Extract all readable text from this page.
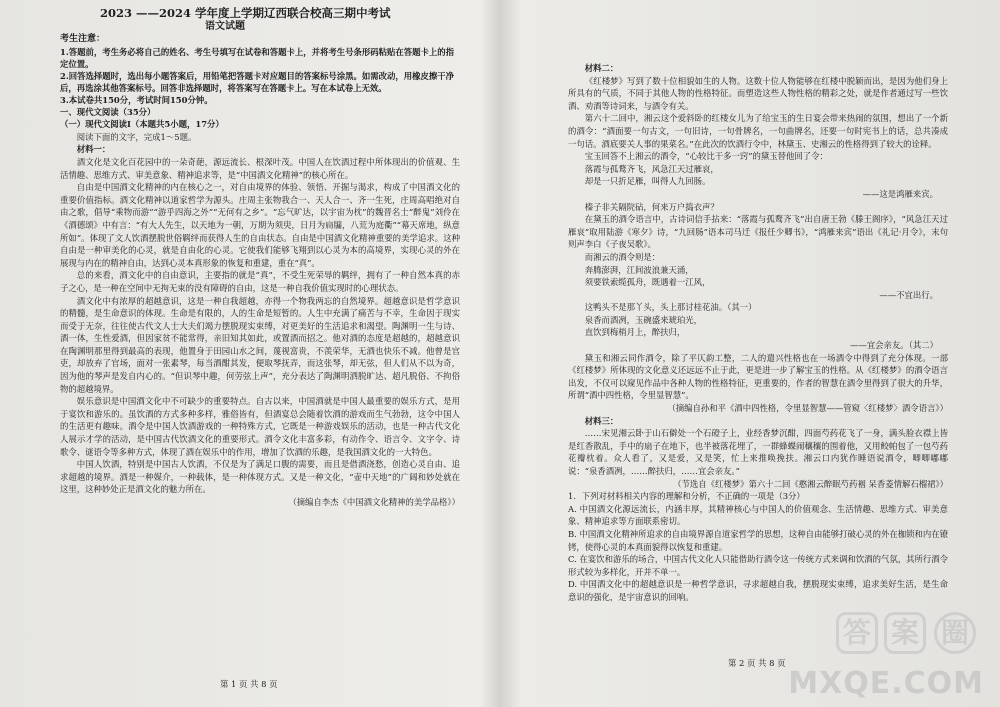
2023 ——2024 学年度上学期辽西联合校高三期中考试
语文试题
考生注意：
1.答题前，考生务必将自己的姓名、考生号填写在试卷和答题卡上，并将考生号条形码粘贴在答题卡上的指定位置。
2.回答选择题时，选出每小题答案后，用铅笔把答题卡对应题目的答案标号涂黑。如需改动，用橡皮擦干净后，再选涂其他答案标号。回答非选择题时，将答案写在答题卡上。写在本试卷上无效。
3.本试卷共150分，考试时间150分钟。
一、现代文阅读（35分）
（一）现代文阅读Ⅰ（本题共5小题，17分）
阅读下面的文字，完成1～5题。
材料一：
酒文化是文化百花园中的一朵奇葩，源远流长、根深叶茂。中国人在饮酒过程中所体现出的价值观、生活情趣、思维方式、审美意象、精神追求等，是“中国酒文化精神”的核心所在。
自由是中国酒文化精神的内在核心之一，对自由境界的体验、领悟、开掘与渴求，构成了中国酒文化的重要价值指标。酒文化精神以道家哲学为源头。庄周主张物我合一、天人合一、齐一生死，庄周高唱绝对自由之歌，倡导“乘物而游”“游乎四海之外”“无何有之乡”。“忘气旷达，以宇宙为枕”的魏晋名士“醉鬼”刘伶在《酒德颂》中有言：“有大人先生，以天地为一朝，万期为须臾，日月为扃牖，八荒为庭衢”“幕天席地，纵意所如”。体现了文人饮酒摆脱世俗羁绊而获得人生的自由状态。自由是中国酒文化精神重要的美学追求。这种自由是一种审美化的心灵，就是自由化的心灵。它使我们能够飞翔到以心灵为本的高境界，实现心灵的外在展现与内在的精神自由，达到心灵本真形象的恢复和重建，重在“真”。
总的来看，酒文化中的自由意识，主要指的就是“真”，不受生死荣辱的羁绊，拥有了一种自然本真的赤子之心，是一种在空间中无拘无束的没有障碍的自由，这是一种自我价值实现时的心理状态。
酒文化中有浓厚的超越意识，这是一种自我超越，亦得一个物我两忘的自然境界。超越意识是哲学意识的精髓，是生命意识的体现。生命是有限的，人的生命是短暂的。人生中充满了痛苦与不幸，生命因于现实而受于无奈，往往使古代文人士大夫们竭力摆脱现实束缚，对更美好的生活追求和渴望。陶渊明一生与诗、酒一体，生性爱酒，但因家贫不能常得，亲旧知其如此，或置酒而招之。他对酒的态度是超越的，超越意识在陶渊明那里得到最高的表现，他置身于田园山水之间，蔑视富贵，不羡荣华，无酒也快乐不减。他曾是官吏，却放弃了官场，面对一张素琴，每当酒酣其发，便取琴抚弄，而这张琴，却无弦，但人们从不以为奇，因为他的琴声是发自内心的。“但识琴中趣，何劳弦上声”，充分表达了陶渊明洒脱旷达、超凡脱俗、不拘俗物的超越境界。
娱乐意识是中国酒文化中不可缺少的重要特点。自古以来，中国酒就是中国人最重要的娱乐方式，是用于宴饮和游乐的。虽饮酒的方式多种多样，雅俗皆有，但酒宴总会随着饮酒的游戏而生气勃勃，这令中国人的生活更有趣味。酒令是中国人饮酒游戏的一种特殊方式，它既是一种游戏娱乐的活动，也是一种古代文化人展示才学的活动，是中国古代饮酒文化的重要形式。酒令文化丰富多彩，有动作令、语言令、文字令、诗歌令、谜语令等多种方式，体现了酒在娱乐中的作用，增加了饮酒的乐趣，是我国酒文化的一大特色。
中国人饮酒，特别是中国古人饮酒，不仅是为了满足口腹的需要，而且是借酒浇愁，创造心灵自由、追求超越的境界。酒是一种媒介，一种载体，是一种体现方式。又是一种文化，“壶中天地”的广阔和妙处就在这里，这种妙处正是酒文化的魅力所在。
（摘编自李杰《中国酒文化精神的美学品格》）
第 1 页 共 8 页
材料二：
《红楼梦》写到了数十位相貌如生的人物。这数十位人物能够在红楼中脱颖而出，是因为他们身上所具有的气质，不同于其他人物的性格特征。而塑造这些人物性格的精彩之处，就是作者通过写一些饮酒、劝酒等诗词来，与酒令有关。
第六十二回中，湘云这个爱斜卧的红楼女儿为了给宝玉的生日宴会带来热闹的氛围，想出了一个新的酒令：“酒面要一句古文，一句旧诗，一句骨牌名，一句曲牌名，还要一句时宪书上的话，总共凑成一句话。酒底要关人事的果菜名。”在此次的饮酒行令中，林黛玉、史湘云的性格得到了较大的诠释。
宝玉回答不上湘云的酒令，“心较比干多一窍”的黛玉替他回了令：
落霞与孤鹜齐飞，风急江天过雁哀，
却是一只折足雁，叫得人九回肠。
——这是鸿雁来宾。
榛子非关隔院砧，何来万户捣衣声？
在黛玉的酒令语言中，古诗词信手拈来：“落霞与孤鹜齐飞”出自唐王勃《滕王阁序》，“风急江天过雁哀”取用陆游《寒夕》诗，“九回肠”语本司马迁《报任少卿书》，“鸿雁来宾”语出《礼记·月令》，末句则声李白《子夜吴歌》。
而湘云的酒令则是：
奔腾澎湃，江间波浪兼天涌，
须要铁索缆孤舟，既遇着一江风，
——不宜出行。
这鸭头不是那丫头，头上那讨桂花油。（其一）
泉香而酒冽，玉碗盛来琥珀光，
直饮到梅梢月上，醉扶归，
——宜会亲友。（其二）
黛玉和湘云同作酒令，除了平仄韵工整，二人的遣兴性格也在一场酒令中得到了充分体现。一部《红楼梦》所体现的文化意义还远远不止于此，更是进一步了解宝玉的性格。从《红楼梦》的酒令语言出发，不仅可以窥见作品中各种人物的性格特征，更重要的，作者的智慧在酒令里得到了很大的升华，所谓“酒中四性格，令里显智慧”。
（摘编自孙和平《酒中四性格，令里显智慧——管窥〈红楼梦〉酒令语言》）
材料三：
……宋见湘云卧于山石僻处一个石磴子上，业经香梦沉酣，四面芍药花飞了一身，满头脸衣襟上皆是红香散乱，手中的扇子在地下，也半被落花埋了，一群蜂蝶闹穰穰的围着他，又用鲛帕包了一包芍药花瓣枕着。众人看了，又是爱，又是笑，忙上来推唤挽扶。湘云口内犹作睡语说酒令，唧唧嘟嘟说：“泉香酒冽，……醉扶归，……宜会亲友。”
（节选自《红楼梦》第六十二回《憨湘云醉眠芍药裀 呆香菱情解石榴裙》）
1．下列对材料相关内容的理解和分析，不正确的一项是（3分）
A. 中国酒文化源远流长，内涵丰厚，其精神核心与中国人的价值观念、生活情趣、思维方式、审美意象、精神追求等方面联系密切。
B. 中国酒文化精神所追求的自由境界源自道家哲学的思想，这种自由能够打破心灵的外在枷锁和内在镣铐，使得心灵的本真面貌得以恢复和重建。
C. 在宴饮和游乐的场合，中国古代文化人只能借助行酒令这一传统方式来调和饮酒的气氛，其所行酒令形式较为多样化，开并不单一。
D. 中国酒文化中的超越意识是一种哲学意识，寻求超越自我，摆脱现实束缚，追求美好生活，是生命意识的强化，是宇宙意识的回响。
第 2 页 共 8 页
答 案 圈
MXQE.COM
